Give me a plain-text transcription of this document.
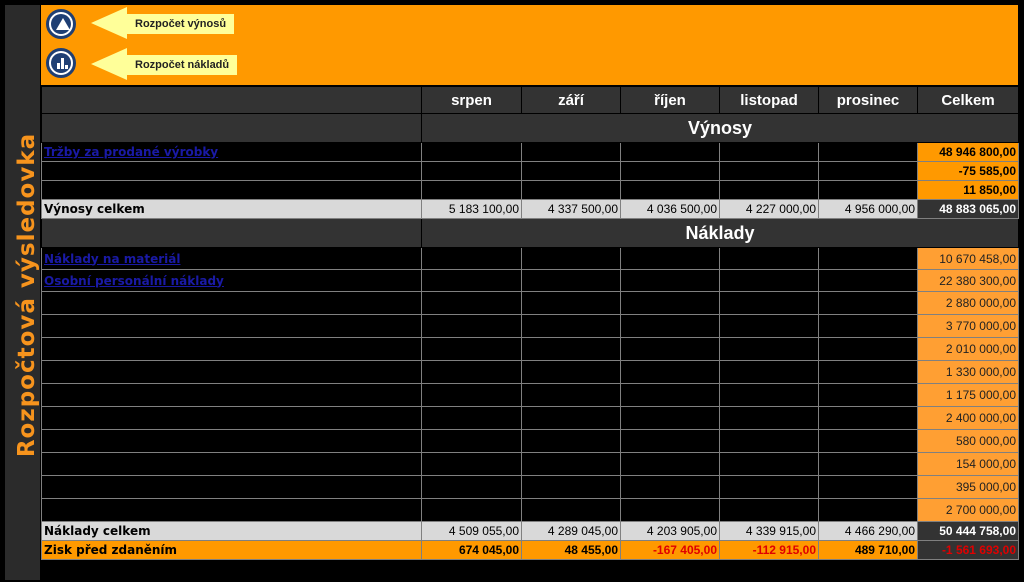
Rozpočtová výsledovka
Rozpočet výnosů
Rozpočet nákladů
	srpen	září	říjen	listopad	prosinec	Celkem
	Výnosy					
Tržby za prodané výrobky	5 183 100,00	4 337 500,00	4 036 500,00	4 227 000,00	4 956 000,00	48 946 800,00
Změna stavu hotové výroby	0,00	0,00	0,00	0,00	0,00	-75 585,00
Změna stavu materiálu	0,00	-110,00	0,00	0,00	0,00	11 850,00
Výnosy celkem	5 183 100,00	4 337 500,00	4 036 500,00	4 227 000,00	4 956 000,00	48 883 065,00
	Náklady					
Náklady na materiál	1 125 405,00	952 395,00	872 255,00	934 265,00	1 076 640,00	10 670 458,00
Osobní personální náklady	1 888 650,00	1 888 650,00	1 888 650,00	1 888 650,00	1 888 650,00	22 380 300,00
Režijní materiál	240 000,00	230 000,00	240 000,00	250 000,00	260 000,00	2 880 000,00
Odpisy hmotného a nehmotného majetku	320 000,00	280 000,00	280 000,00	280 000,00	280 000,00	3 770 000,00
Leasingové splátky hmotného a nehmotného majetku	210 000,00	210 000,00	210 000,00	210 000,00	210 000,00	2 010 000,00
Údržba a opravy	200 000,00	120 000,00	100 000,00	100 000,00	100 000,00	1 330 000,00
Nakupované služby (úklid, IT služby, ostraha, ...)	70 000,00	110 000,00	110 000,00	110 000,00	110 000,00	1 175 000,00
Náklady na prostory	200 000,00	200 000,00	200 000,00	200 000,00	200 000,00	2 400 000,00
Finanční náklady	55 000,00	45 000,00	45 000,00	45 000,00	45 000,00	580 000,00
Školení, vzdělávací kurzy	5 000,00	8 000,00	8 000,00	12 000,00	16 000,00	154 000,00
Náklady na cestovné	15 000,00	25 000,00	30 000,00	30 000,00	30 000,00	395 000,00
Ostatní režijní náklady	180 000,00	220 000,00	220 000,00	280 000,00	250 000,00	2 700 000,00
Náklady celkem	4 509 055,00	4 289 045,00	4 203 905,00	4 339 915,00	4 466 290,00	50 444 758,00
Zisk před zdaněním	674 045,00	48 455,00	-167 405,00	-112 915,00	489 710,00	-1 561 693,00
